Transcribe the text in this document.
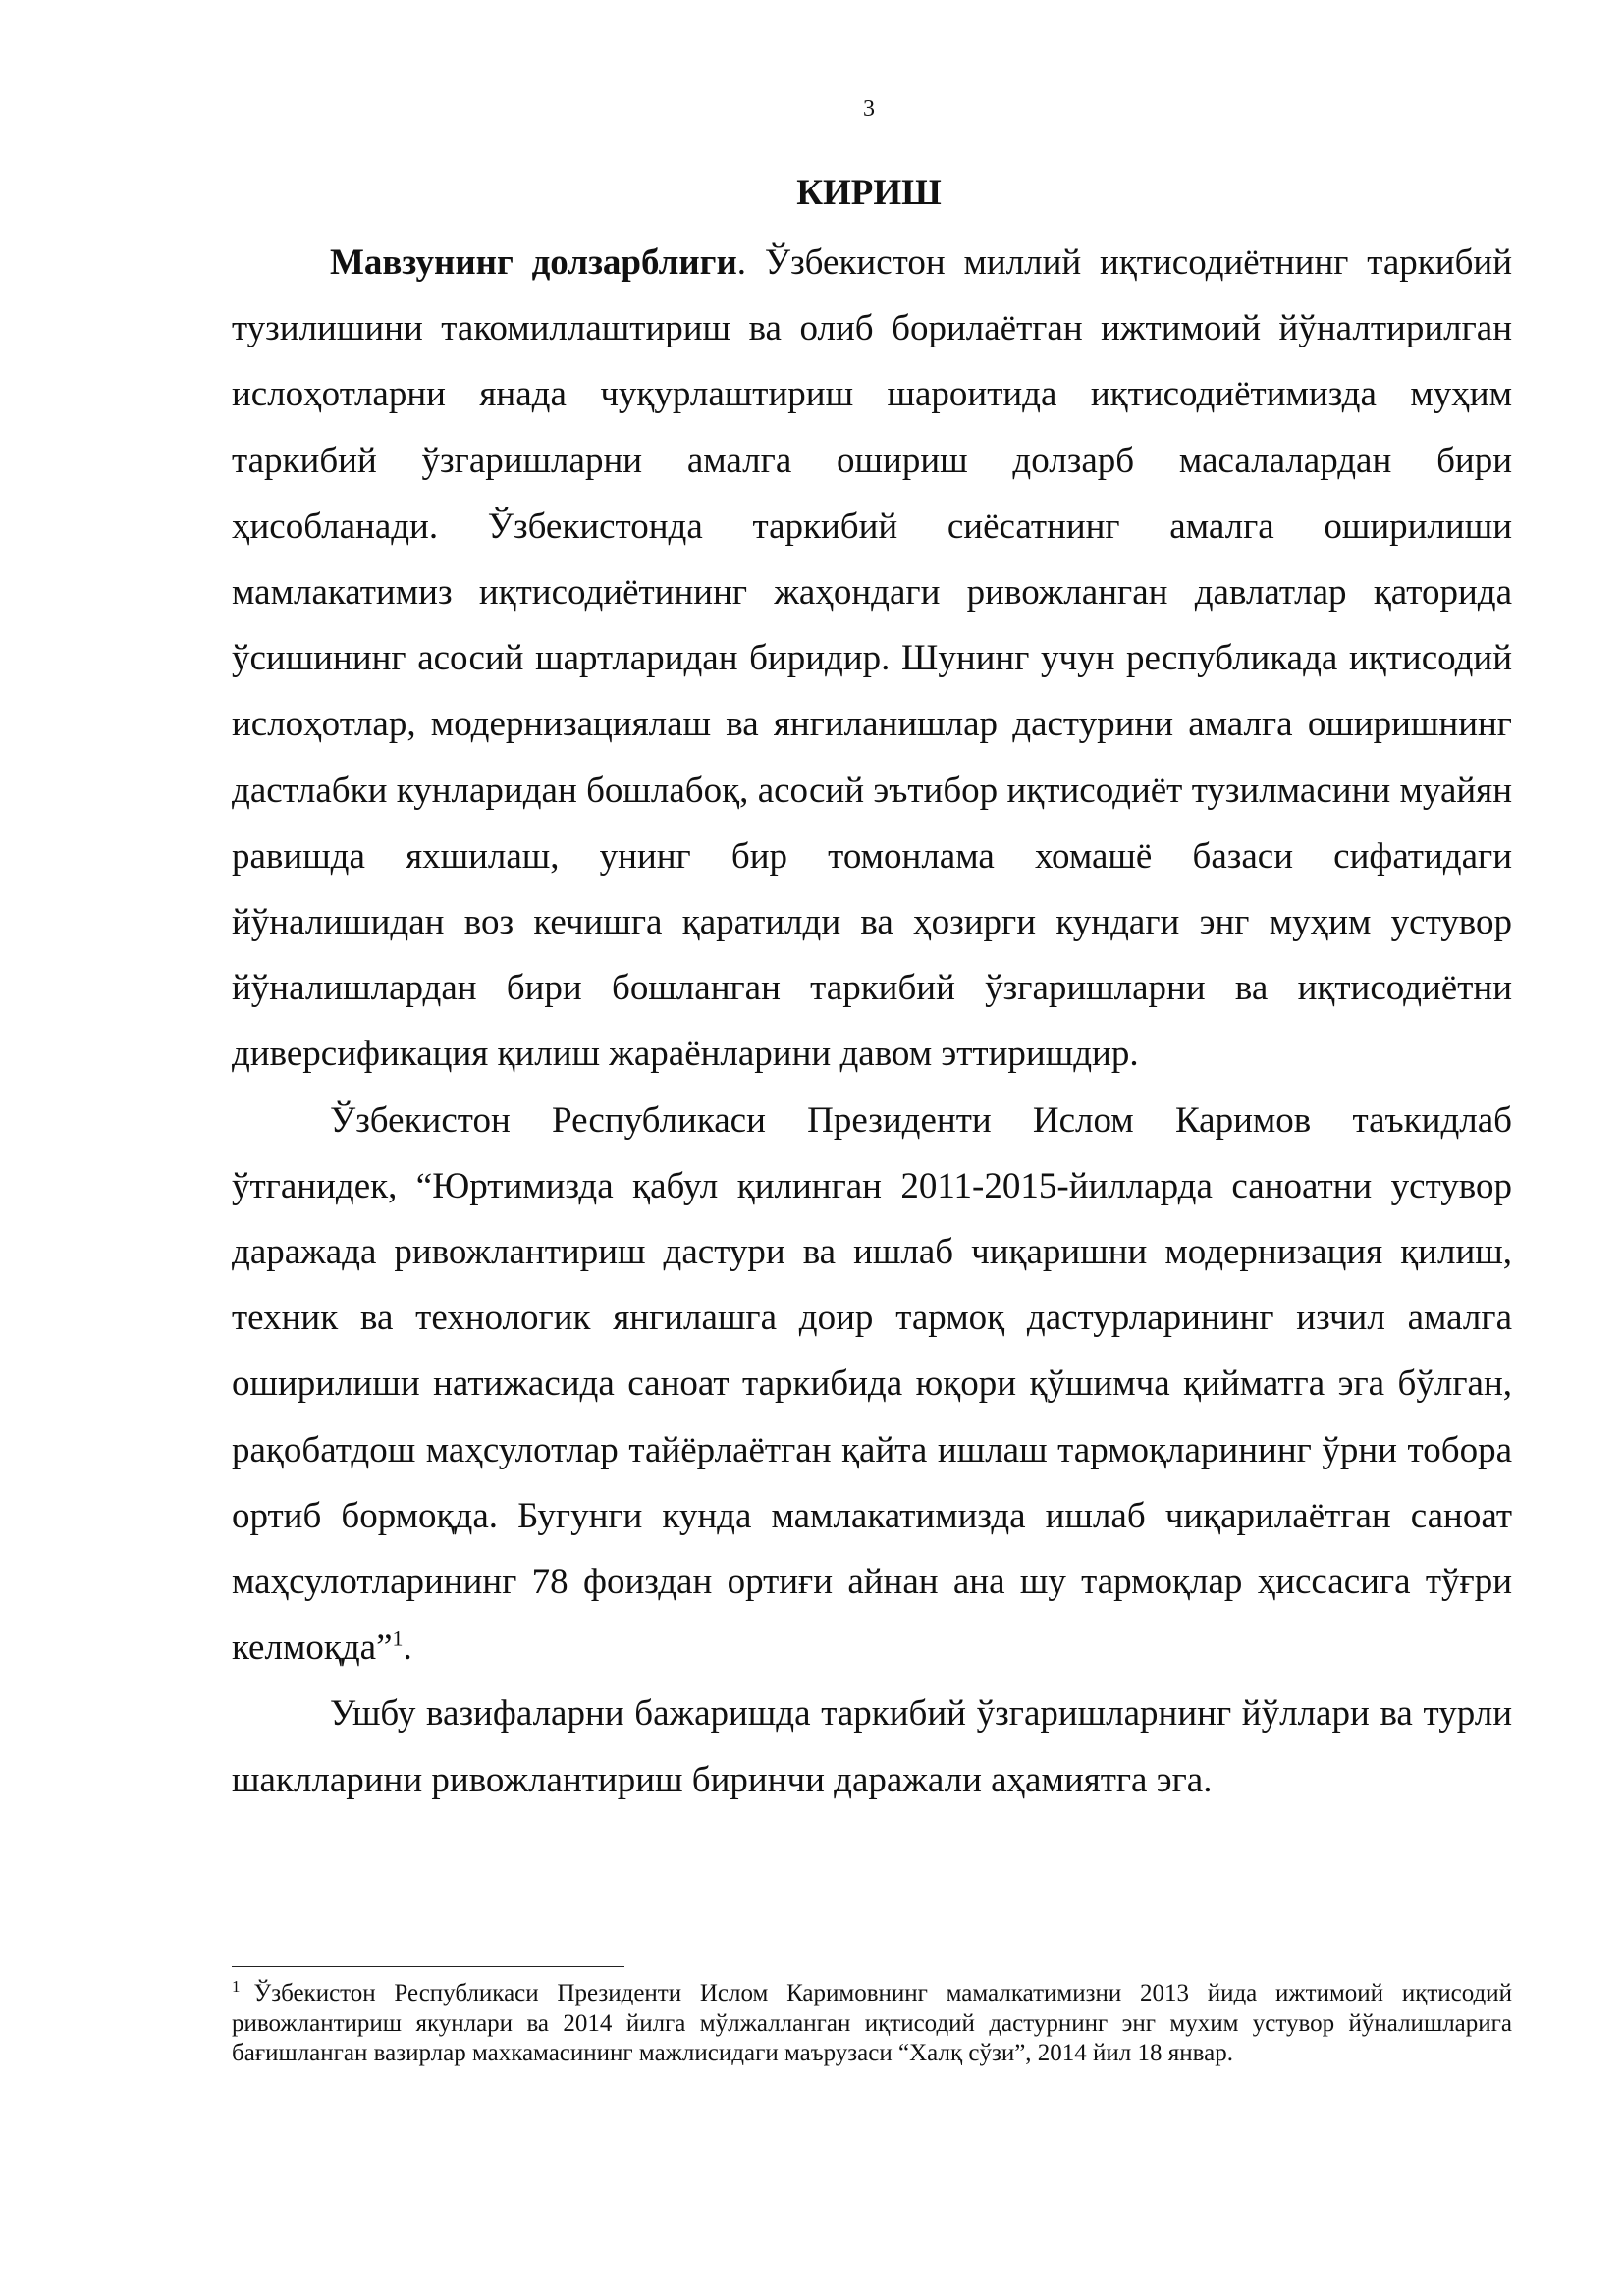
3
КИРИШ

Мавзунинг долзарблиги. Ўзбекистон миллий иқтисодиётнинг таркибий тузилишини такомиллаштириш ва олиб борилаётган ижтимоий йўналтирилган ислоҳотларни янада чуқурлаштириш шароитида иқтисодиётимизда муҳим таркибий ўзгаришларни амалга ошириш долзарб масалалардан бири ҳисобланади. Ўзбекистонда таркибий сиёсатнинг амалга оширилиши мамлакатимиз иқтисодиётининг жаҳондаги ривожланган давлатлар қаторида ўсишининг асосий шартларидан биридир. Шунинг учун республикада иқтисодий ислоҳотлар, модернизациялаш ва янгиланишлар дастурини амалга оширишнинг дастлабки кунларидан бошлабоқ, асосий эътибор иқтисодиёт тузилмасини муайян равишда яхшилаш, унинг бир томонлама хомашё базаси сифатидаги йўналишидан воз кечишга қаратилди ва ҳозирги кундаги энг муҳим устувор йўналишлардан бири бошланган таркибий ўзгаришларни ва иқтисодиётни диверсификация қилиш жараёнларини давом эттиришдир.

Ўзбекистон Республикаси Президенти Ислом Каримов таъкидлаб ўтганидек, “Юртимизда қабул қилинган 2011-2015-йилларда саноатни устувор даражада ривожлантириш дастури ва ишлаб чиқаришни модернизация қилиш, техник ва технологик янгилашга доир тармоқ дастурларининг изчил амалга оширилиши натижасида саноат таркибида юқори қўшимча қийматга эга бўлган, рақобатдош маҳсулотлар тайёрлаётган қайта ишлаш тармоқларининг ўрни тобора ортиб бормоқда. Бугунги кунда мамлакатимизда ишлаб чиқарилаётган саноат маҳсулотларининг 78 фоиздан ортиғи айнан ана шу тармоқлар ҳиссасига тўғри келмоқда”$^1$.

Ушбу вазифаларни бажаришда таркибий ўзгаришларнинг йўллари ва турли шаклларини ривожлантириш биринчи даражали аҳамиятга эга.

$^1$ Ўзбекистон Республикаси Президенти Ислом Каримовнинг мамалкатимизни 2013 йида ижтимоий иқтисодий ривожлантириш якунлари ва 2014 йилга мўлжалланган иқтисодий дастурнинг энг мухим устувор йўналишларига бағишланган вазирлар махкамасининг мажлисидаги маърузаси “Халқ сўзи”, 2014 йил 18 январ.
